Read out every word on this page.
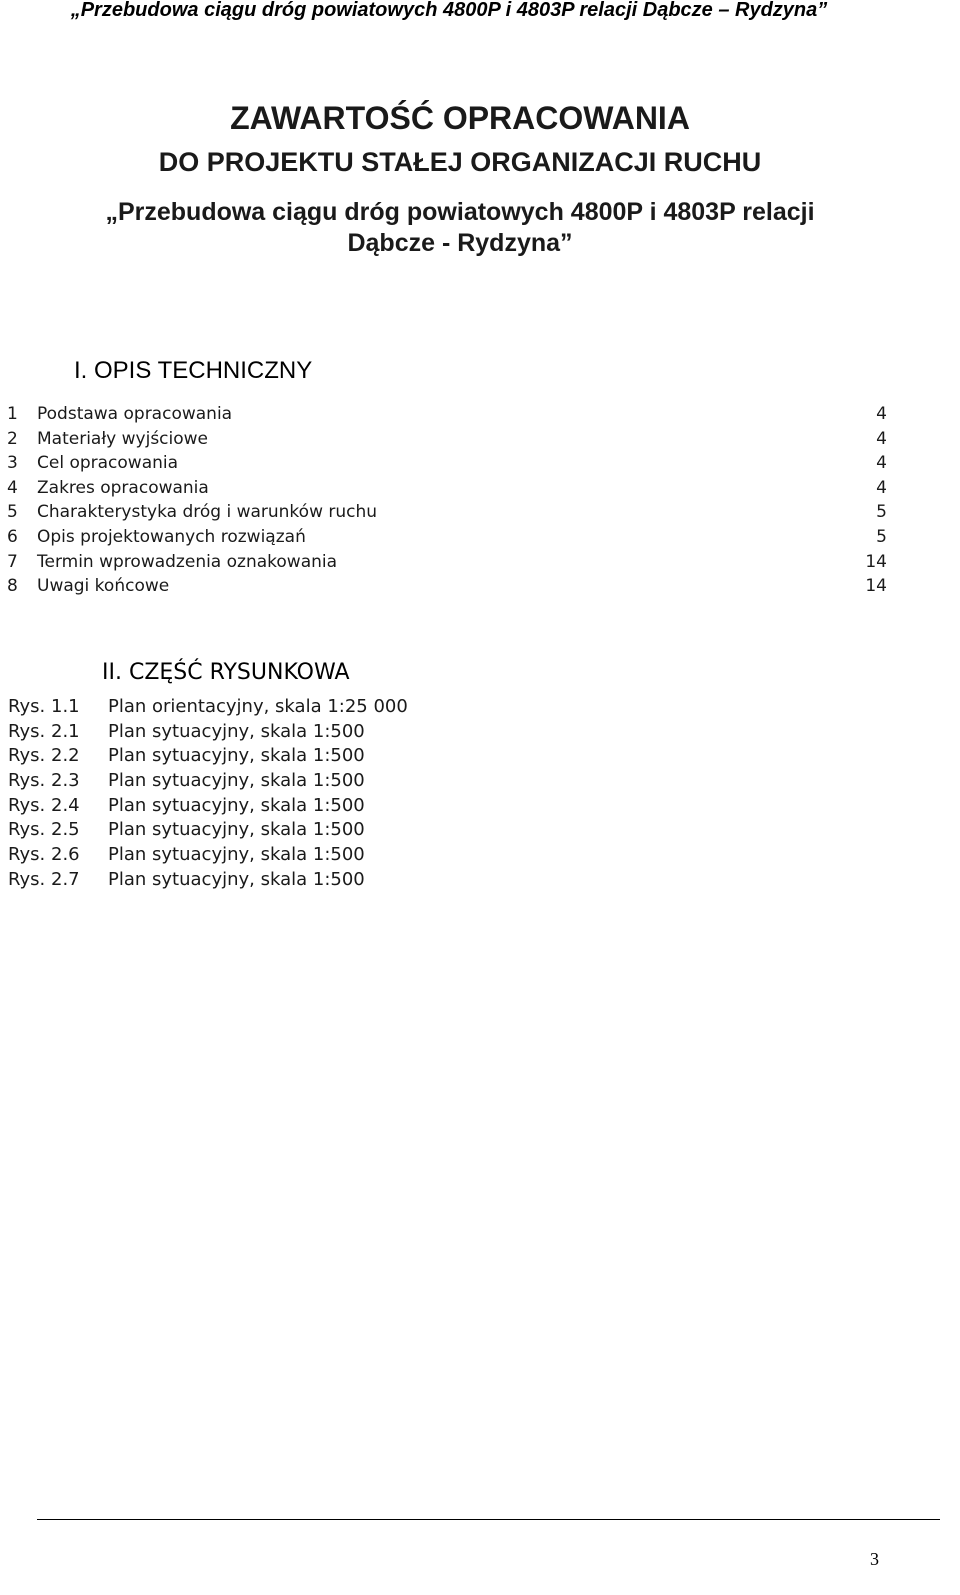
„Przebudowa ciągu dróg powiatowych 4800P i 4803P relacji Dąbcze – Rydzyna”
ZAWARTOŚĆ OPRACOWANIA
DO PROJEKTU STAŁEJ ORGANIZACJI RUCHU
„Przebudowa ciągu dróg powiatowych 4800P i 4803P relacji
Dąbcze - Rydzyna”
I. OPIS TECHNICZNY
1	Podstawa opracowania	4
2	Materiały wyjściowe	4
3	Cel opracowania	4
4	Zakres opracowania	4
5	Charakterystyka dróg i warunków ruchu	5
6	Opis projektowanych rozwiązań	5
7	Termin wprowadzenia oznakowania	14
8	Uwagi końcowe	14
II. CZĘŚĆ RYSUNKOWA
Rys. 1.1	Plan orientacyjny, skala 1:25 000
Rys. 2.1	Plan sytuacyjny, skala 1:500
Rys. 2.2	Plan sytuacyjny, skala 1:500
Rys. 2.3	Plan sytuacyjny, skala 1:500
Rys. 2.4	Plan sytuacyjny, skala 1:500
Rys. 2.5	Plan sytuacyjny, skala 1:500
Rys. 2.6	Plan sytuacyjny, skala 1:500
Rys. 2.7	Plan sytuacyjny, skala 1:500
3
